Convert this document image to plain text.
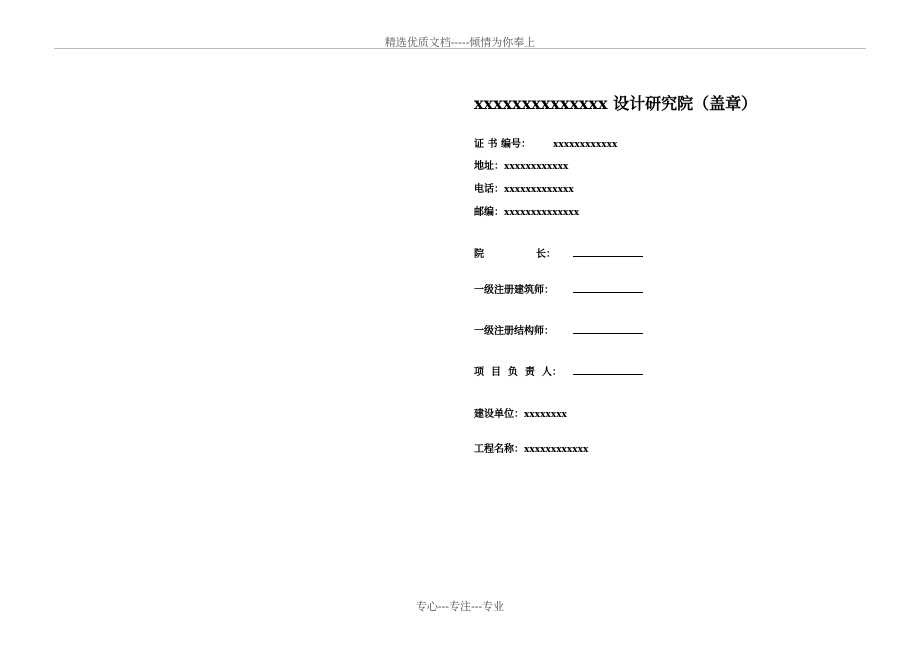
精选优质文档-----倾情为你奉上
xxxxxxxxxxxxxx 设计研究院（盖章）
证 书 编号： xxxxxxxxxxxx
地址：xxxxxxxxxxxx
电话：xxxxxxxxxxxxx
邮编：xxxxxxxxxxxxxx
院	长：
一级注册建筑师：
一级注册结构师：
项  目  负  责  人：
建设单位：xxxxxxxx
工程名称：xxxxxxxxxxxx
专心---专注---专业
